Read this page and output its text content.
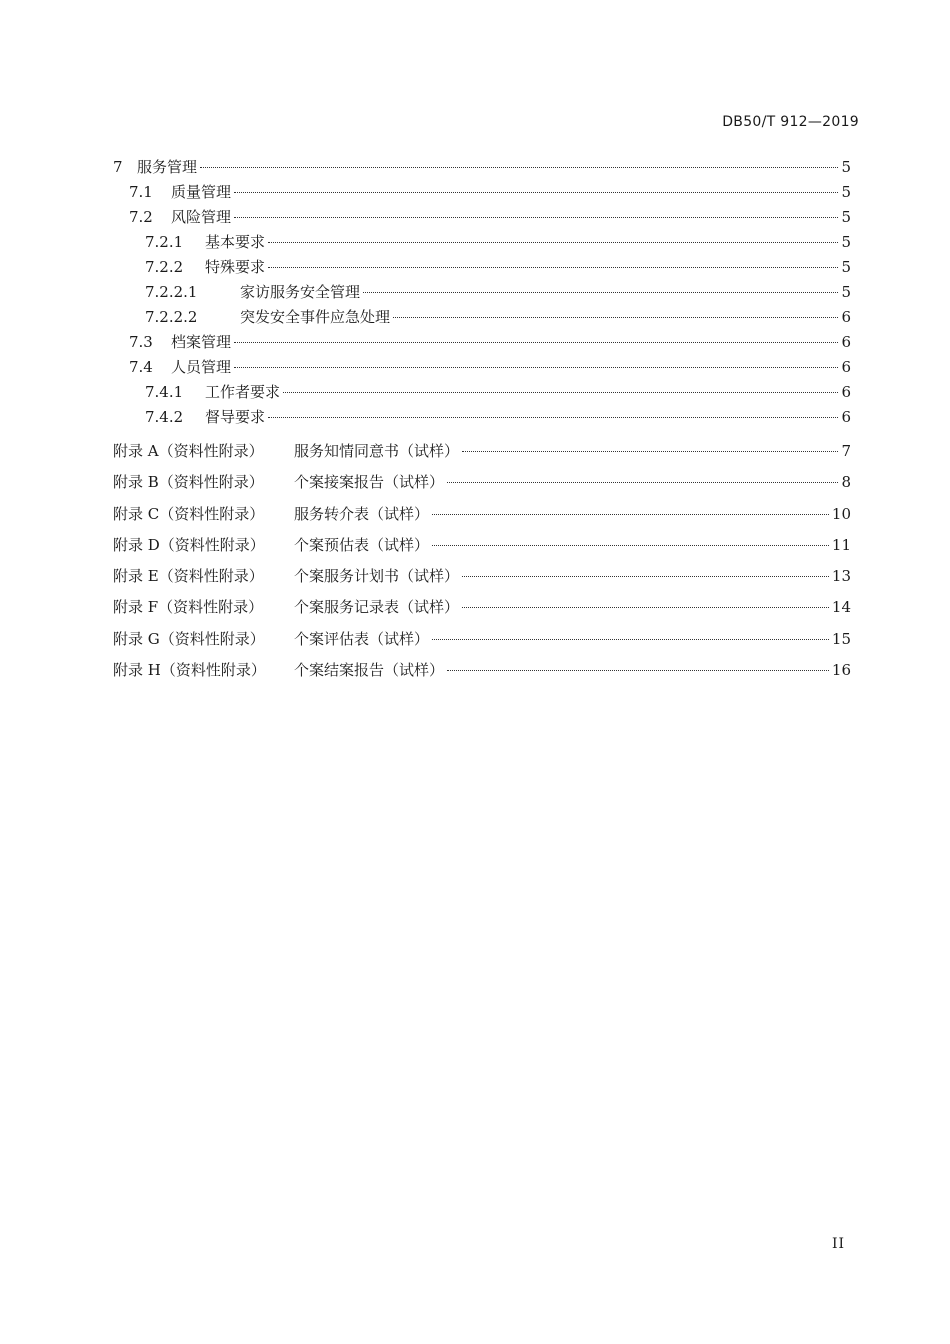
DB50/T 912—2019
7 服务管理	5
7.1	质量管理	5
7.2	风险管理	5
7.2.1	基本要求	5
7.2.2	特殊要求	5
7.2.2.1	家访服务安全管理	5
7.2.2.2	突发安全事件应急处理	6
7.3	档案管理	6
7.4	人员管理	6
7.4.1	工作者要求	6
7.4.2	督导要求	6
附录 A（资料性附录）	服务知情同意书（试样）	7
附录 B（资料性附录）	个案接案报告（试样）	8
附录 C（资料性附录）	服务转介表（试样）	10
附录 D（资料性附录）	个案预估表（试样）	11
附录 E（资料性附录）	个案服务计划书（试样）	13
附录 F（资料性附录）	个案服务记录表（试样）	14
附录 G（资料性附录）	个案评估表（试样）	15
附录 H（资料性附录）	个案结案报告（试样）	16
II
